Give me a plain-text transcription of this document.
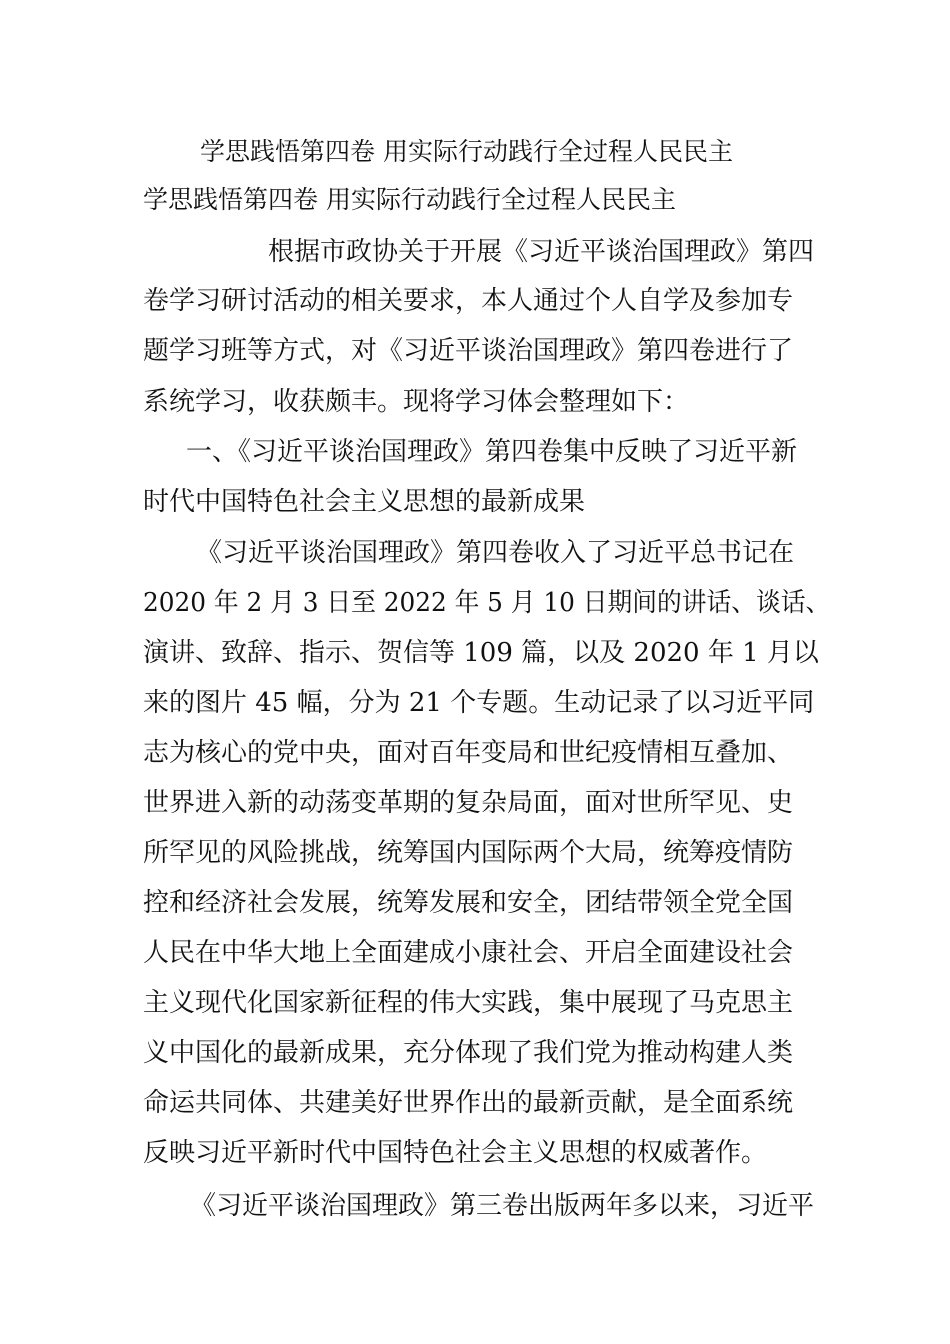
学思践悟第四卷 用实际行动践行全过程人民民主
学思践悟第四卷 用实际行动践行全过程人民民主
根据市政协关于开展《习近平谈治国理政》第四
卷学习研讨活动的相关要求，本人通过个人自学及参加专
题学习班等方式，对《习近平谈治国理政》第四卷进行了
系统学习，收获颇丰。现将学习体会整理如下：
一、《习近平谈治国理政》第四卷集中反映了习近平新
时代中国特色社会主义思想的最新成果
《习近平谈治国理政》第四卷收入了习近平总书记在
2020 年 2 月 3 日至 2022 年 5 月 10 日期间的讲话、谈话、
演讲、致辞、指示、贺信等 109 篇，以及 2020 年 1 月以
来的图片 45 幅，分为 21 个专题。生动记录了以习近平同
志为核心的党中央，面对百年变局和世纪疫情相互叠加、
世界进入新的动荡变革期的复杂局面，面对世所罕见、史
所罕见的风险挑战，统筹国内国际两个大局，统筹疫情防
控和经济社会发展，统筹发展和安全，团结带领全党全国
人民在中华大地上全面建成小康社会、开启全面建设社会
主义现代化国家新征程的伟大实践，集中展现了马克思主
义中国化的最新成果，充分体现了我们党为推动构建人类
命运共同体、共建美好世界作出的最新贡献，是全面系统
反映习近平新时代中国特色社会主义思想的权威著作。
《习近平谈治国理政》第三卷出版两年多以来，习近平
